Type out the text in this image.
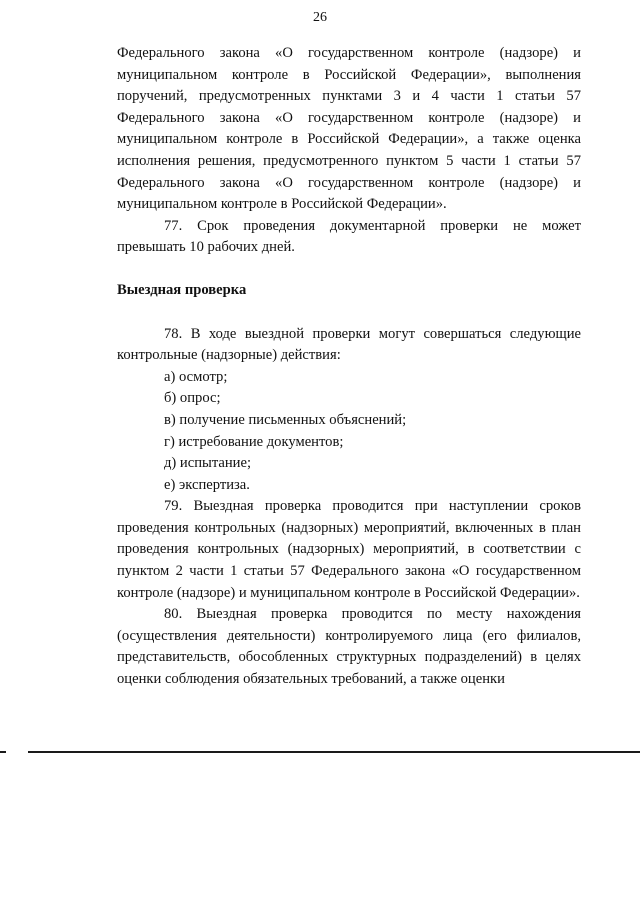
26

Федерального закона «О государственном контроле (надзоре) и муниципальном контроле в Российской Федерации», выполнения поручений, предусмотренных пунктами 3 и 4 части 1 статьи 57 Федерального закона «О государственном контроле (надзоре) и муниципальном контроле в Российской Федерации», а также оценка исполнения решения, предусмотренного пунктом 5 части 1 статьи 57 Федерального закона «О государственном контроле (надзоре) и муниципальном контроле в Российской Федерации».

77. Срок проведения документарной проверки не может превышать 10 рабочих дней.

Выездная проверка

78. В ходе выездной проверки могут совершаться следующие контрольные (надзорные) действия:

а) осмотр;

б) опрос;

в) получение письменных объяснений;

г) истребование документов;

д) испытание;

е) экспертиза.

79. Выездная проверка проводится при наступлении сроков проведения контрольных (надзорных) мероприятий, включенных в план проведения контрольных (надзорных) мероприятий, в соответствии с пунктом 2 части 1 статьи 57 Федерального закона «О государственном контроле (надзоре) и муниципальном контроле в Российской Федерации».

80. Выездная проверка проводится по месту нахождения (осуществления деятельности) контролируемого лица (его филиалов, представительств, обособленных структурных подразделений) в целях оценки соблюдения обязательных требований, а также оценки
